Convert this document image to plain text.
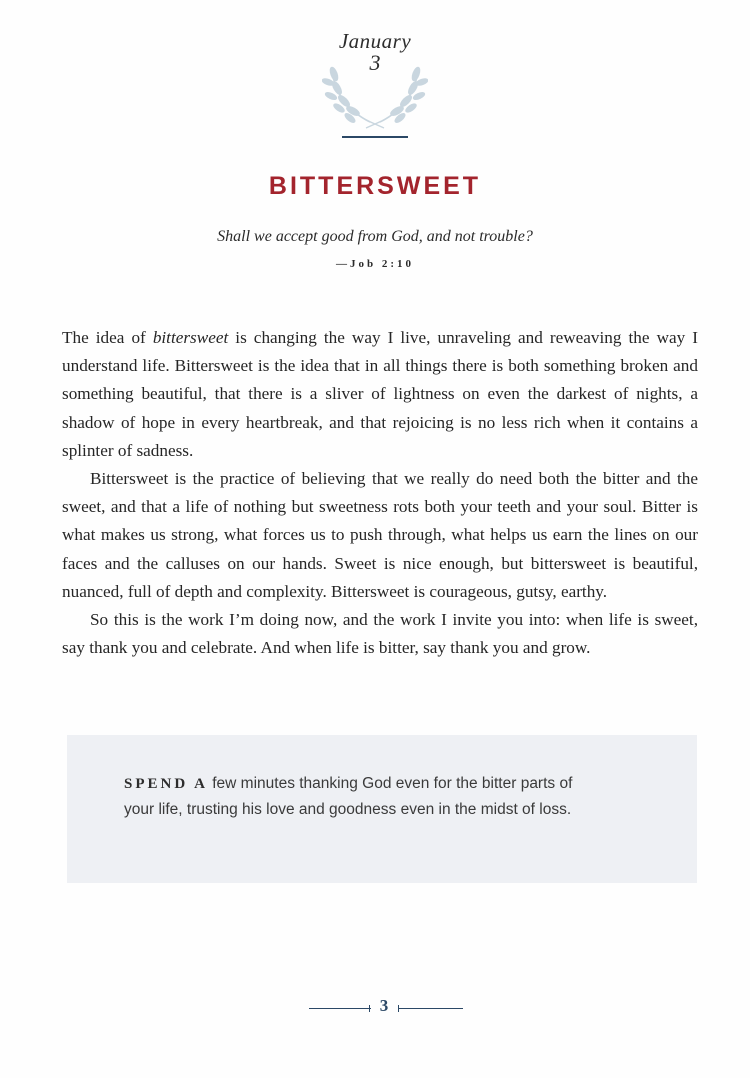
January
3
BITTERSWEET
Shall we accept good from God, and not trouble?
—Job 2:10

The idea of bittersweet is changing the way I live, unraveling and reweaving the way I understand life. Bittersweet is the idea that in all things there is both something broken and something beautiful, that there is a sliver of lightness on even the darkest of nights, a shadow of hope in every heartbreak, and that rejoicing is no less rich when it contains a splinter of sadness.

Bittersweet is the practice of believing that we really do need both the bitter and the sweet, and that a life of nothing but sweetness rots both your teeth and your soul. Bitter is what makes us strong, what forces us to push through, what helps us earn the lines on our faces and the calluses on our hands. Sweet is nice enough, but bittersweet is beautiful, nuanced, full of depth and complexity. Bittersweet is courageous, gutsy, earthy.

So this is the work I’m doing now, and the work I invite you into: when life is sweet, say thank you and celebrate. And when life is bitter, say thank you and grow.

SPEND A few minutes thanking God even for the bitter parts of your life, trusting his love and goodness even in the midst of loss.
3
